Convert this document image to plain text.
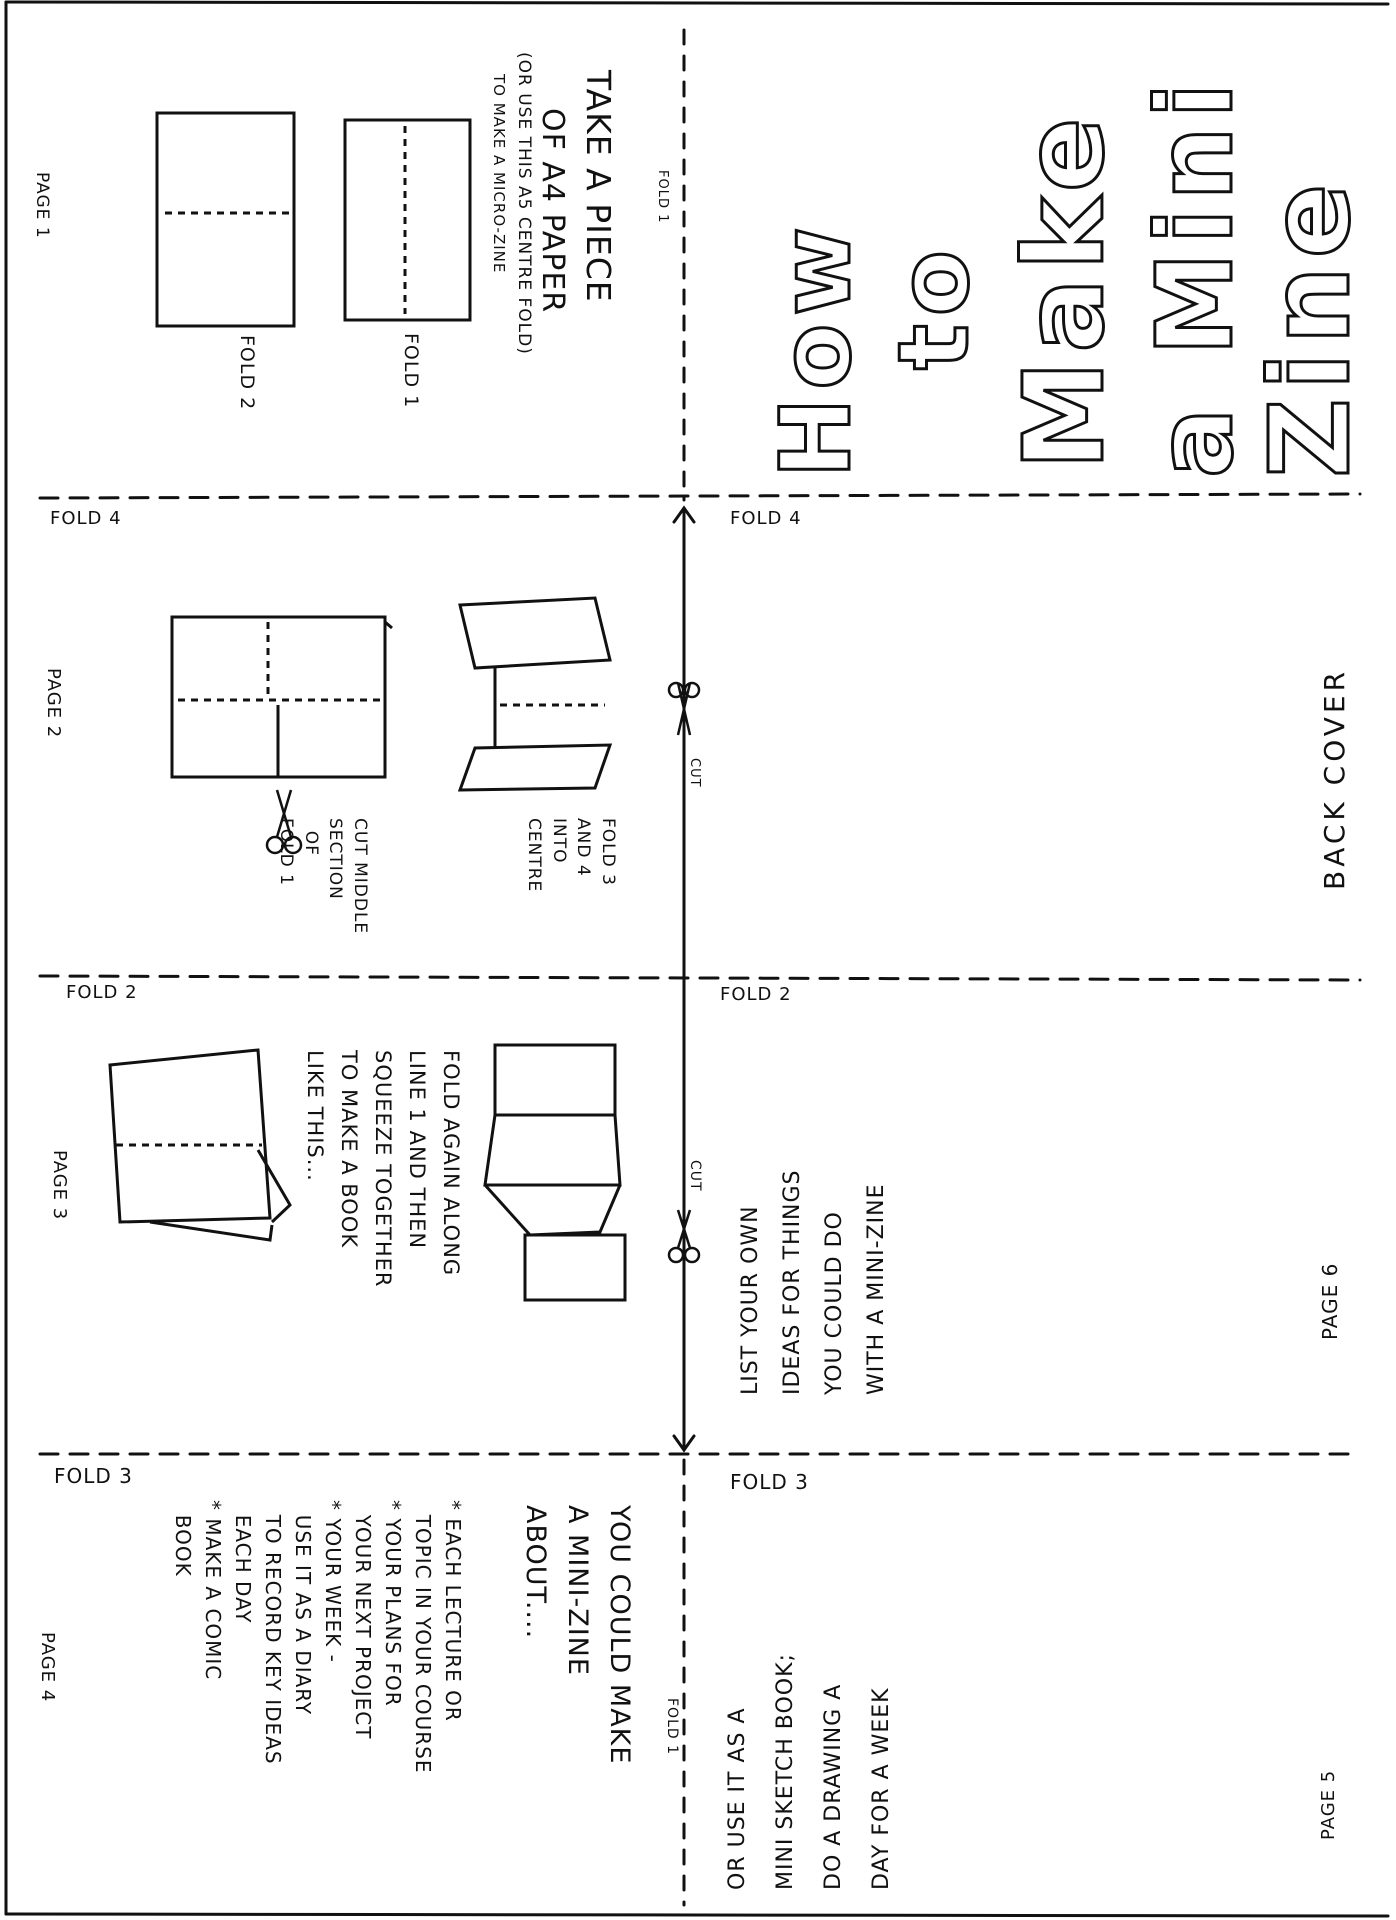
How to Make a Mini
Zine
FOLD 1
FOLD 1
FOLD 4	FOLD 4
FOLD 2	FOLD 2
FOLD 3	FOLD 3
CUT
CUT
PAGE 1	TAKE A PIECE
OF A4 PAPER
(OR USE THIS A5 CENTRE FOLD)
TO MAKE A MICRO-ZINE
FOLD 1
FOLD 2
PAGE 2
CUT MIDDLE
SECTION
OF
FOLD 1
FOLD 3
AND 4
INTO
CENTRE
PAGE 3
FOLD AGAIN ALONG
LINE 1 AND THEN
SQUEEZE TOGETHER
TO MAKE A BOOK
LIKE THIS...
PAGE 4
YOU COULD MAKE
A MINI-ZINE
ABOUT....
* EACH LECTURE OR
TOPIC IN YOUR COURSE
* YOUR PLANS FOR
YOUR NEXT PROJECT
* YOUR WEEK -
USE IT AS A DIARY
TO RECORD KEY IDEAS
EACH DAY
* MAKE A COMIC
BOOK
BACK COVER
PAGE 6
LIST YOUR OWN
IDEAS FOR THINGS
YOU COULD DO
WITH A MINI-ZINE
PAGE 5
OR USE IT AS A
MINI SKETCH BOOK;
DO A DRAWING A
DAY FOR A WEEK
